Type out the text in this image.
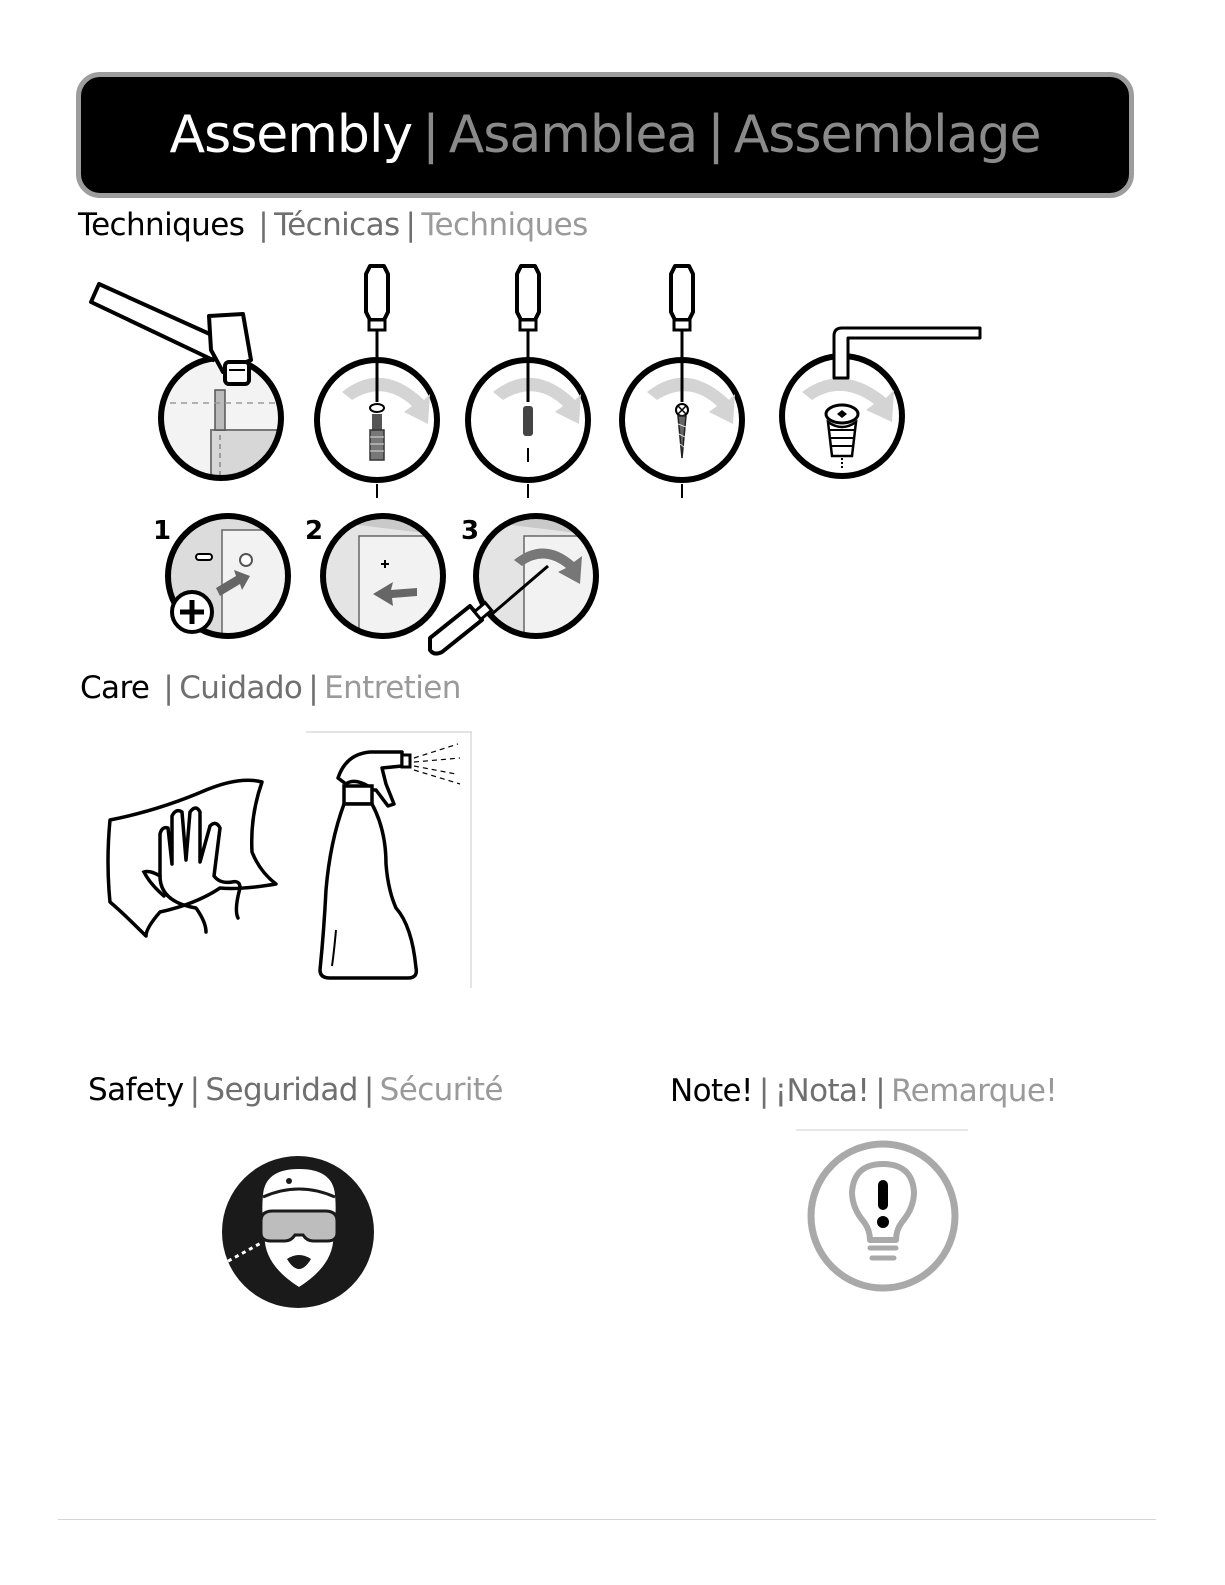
Assembly | Asamblea | Assemblage
Techniques | Técnicas | Techniques
1	2	3
Care | Cuidado | Entretien
Safety | Seguridad | Sécurité	Note! | ¡Nota! | Remarque!
